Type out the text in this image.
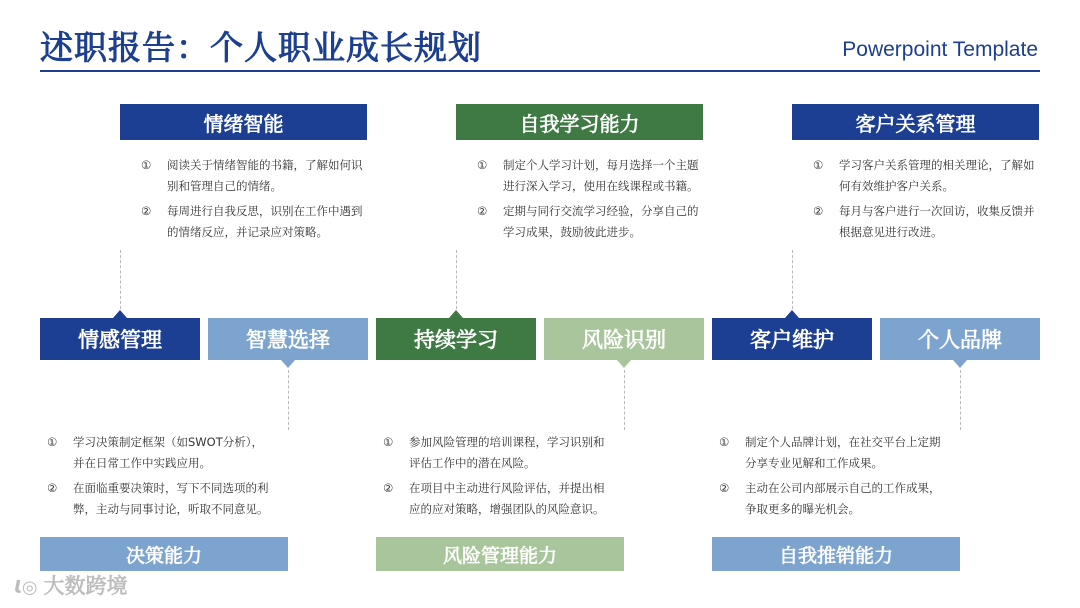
述职报告：个人职业成长规划	Powerpoint Template
情绪智能
①	阅读关于情绪智能的书籍，了解如何识别和管理自己的情绪。
②	每周进行自我反思，识别在工作中遇到的情绪反应，并记录应对策略。
情感管理	智慧选择
①	学习决策制定框架（如SWOT分析），并在日常工作中实践应用。
②	在面临重要决策时，写下不同选项的利弊，主动与同事讨论，听取不同意见。
决策能力
自我学习能力
①	制定个人学习计划，每月选择一个主题进行深入学习，使用在线课程或书籍。
②	定期与同行交流学习经验，分享自己的学习成果，鼓励彼此进步。
持续学习	风险识别
①	参加风险管理的培训课程，学习识别和评估工作中的潜在风险。
②	在项目中主动进行风险评估，并提出相应的应对策略，增强团队的风险意识。
风险管理能力
客户关系管理
①	学习客户关系管理的相关理论，了解如何有效维护客户关系。
②	每月与客户进行一次回访，收集反馈并根据意见进行改进。
客户维护	个人品牌
①	制定个人品牌计划，在社交平台上定期分享专业见解和工作成果。
②	主动在公司内部展示自己的工作成果，争取更多的曝光机会。
自我推销能力
Ɩ◎ 大数跨境
